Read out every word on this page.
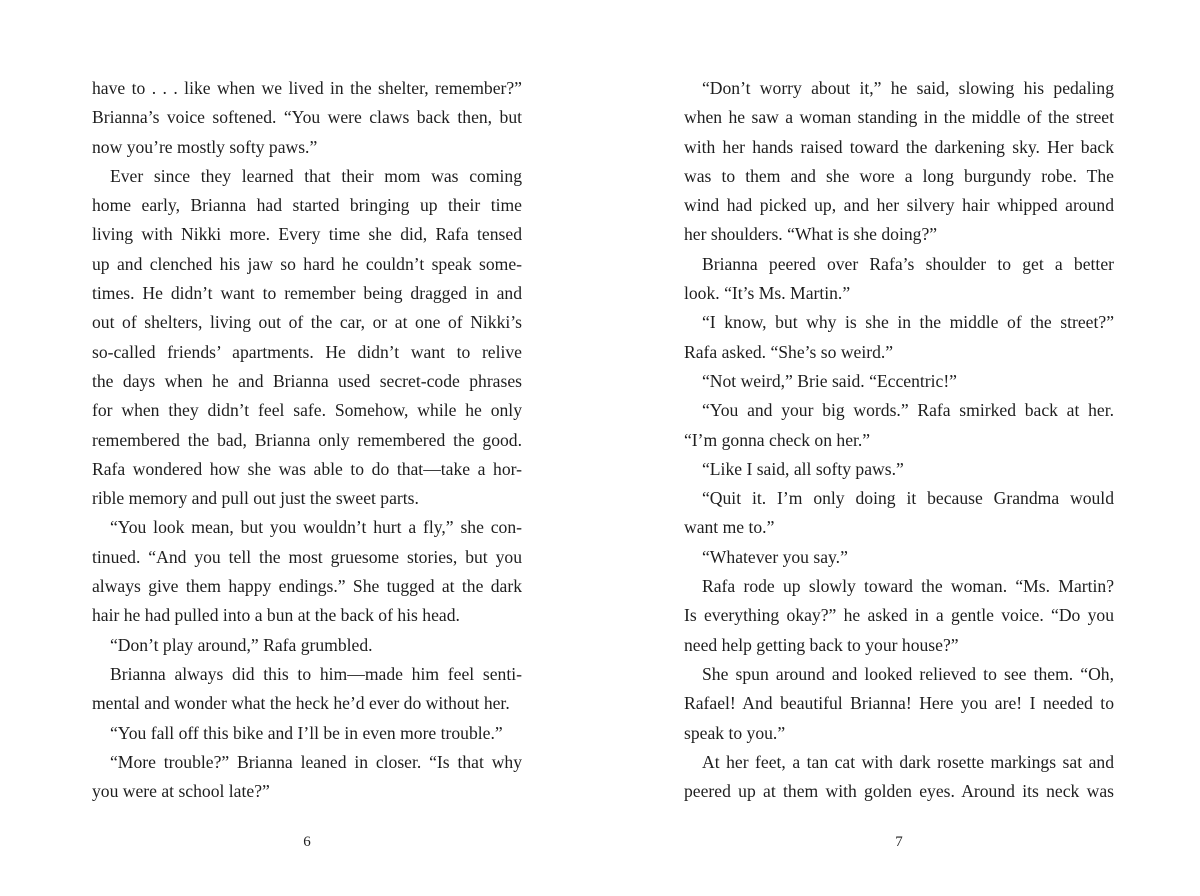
have to . . . like when we lived in the shelter, remember?”
Brianna’s voice softened. “You were claws back then, but
now you’re mostly softy paws.”
Ever since they learned that their mom was coming
home early, Brianna had started bringing up their time
living with Nikki more. Every time she did, Rafa tensed
up and clenched his jaw so hard he couldn’t speak some-
times. He didn’t want to remember being dragged in and
out of shelters, living out of the car, or at one of Nikki’s
so-called friends’ apartments. He didn’t want to relive
the days when he and Brianna used secret-code phrases
for when they didn’t feel safe. Somehow, while he only
remembered the bad, Brianna only remembered the good.
Rafa wondered how she was able to do that—take a hor-
rible memory and pull out just the sweet parts.
“You look mean, but you wouldn’t hurt a fly,” she con-
tinued. “And you tell the most gruesome stories, but you
always give them happy endings.” She tugged at the dark
hair he had pulled into a bun at the back of his head.
“Don’t play around,” Rafa grumbled.
Brianna always did this to him—made him feel senti-
mental and wonder what the heck he’d ever do without her.
“You fall off this bike and I’ll be in even more trouble.”
“More trouble?” Brianna leaned in closer. “Is that why
you were at school late?”
6
“Don’t worry about it,” he said, slowing his pedaling
when he saw a woman standing in the middle of the street
with her hands raised toward the darkening sky. Her back
was to them and she wore a long burgundy robe. The
wind had picked up, and her silvery hair whipped around
her shoulders. “What is she doing?”
Brianna peered over Rafa’s shoulder to get a better
look. “It’s Ms. Martin.”
“I know, but why is she in the middle of the street?”
Rafa asked. “She’s so weird.”
“Not weird,” Brie said. “Eccentric!”
“You and your big words.” Rafa smirked back at her.
“I’m gonna check on her.”
“Like I said, all softy paws.”
“Quit it. I’m only doing it because Grandma would
want me to.”
“Whatever you say.”
Rafa rode up slowly toward the woman. “Ms. Martin?
Is everything okay?” he asked in a gentle voice. “Do you
need help getting back to your house?”
She spun around and looked relieved to see them. “Oh,
Rafael! And beautiful Brianna! Here you are! I needed to
speak to you.”
At her feet, a tan cat with dark rosette markings sat and
peered up at them with golden eyes. Around its neck was
7
